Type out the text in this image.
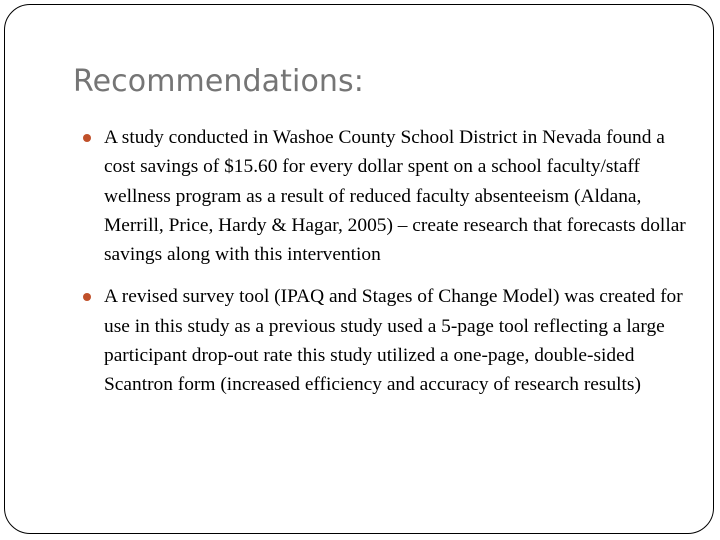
Recommendations:
A study conducted in Washoe County School District in Nevada found a cost savings of $15.60 for every dollar spent on a school faculty/staff wellness program as a result of reduced faculty absenteeism (Aldana, Merrill, Price, Hardy & Hagar, 2005) – create research that forecasts dollar savings along with this intervention
A revised survey tool (IPAQ and Stages of Change Model) was created for use in this study as a previous study used a 5-page tool reflecting a large participant drop-out rate this study utilized a one-page, double-sided Scantron form (increased efficiency and accuracy of research results)
